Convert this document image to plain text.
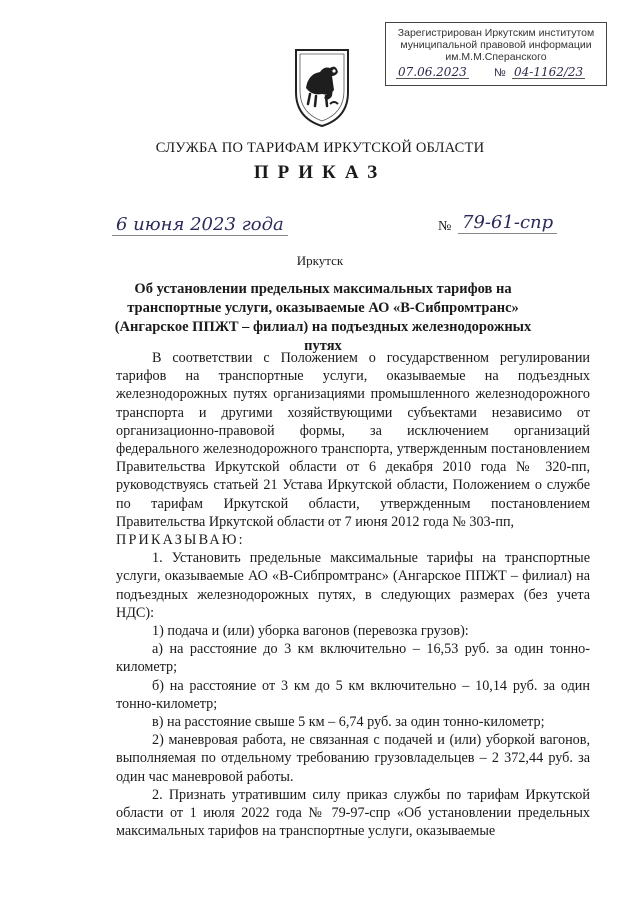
Зарегистрирован Иркутским институтом
муниципальной правовой информации
им.М.М.Сперанского
07.06.2023 № 04-1162/23
СЛУЖБА ПО ТАРИФАМ ИРКУТСКОЙ ОБЛАСТИ
ПРИКАЗ
6 июня 2023 года	№ 79-61-спр
Иркутск
Об установлении предельных максимальных тарифов на транспортные услуги, оказываемые АО «В-Сибпромтранс» (Ангарское ППЖТ – филиал) на подъездных железнодорожных путях

В соответствии с Положением о государственном регулировании тарифов на транспортные услуги, оказываемые на подъездных железнодорожных путях организациями промышленного железнодорожного транспорта и другими хозяйствующими субъектами независимо от организационно-правовой формы, за исключением организаций федерального железнодорожного транспорта, утвержденным постановлением Правительства Иркутской области от 6 декабря 2010 года № 320-пп, руководствуясь статьей 21 Устава Иркутской области, Положением о службе по тарифам Иркутской области, утвержденным постановлением Правительства Иркутской области от 7 июня 2012 года № 303-пп,

ПРИКАЗЫВАЮ:

1. Установить предельные максимальные тарифы на транспортные услуги, оказываемые АО «В-Сибпромтранс» (Ангарское ППЖТ – филиал) на подъездных железнодорожных путях, в следующих размерах (без учета НДС):

1) подача и (или) уборка вагонов (перевозка грузов):

а) на расстояние до 3 км включительно – 16,53 руб. за один тонно-километр;

б) на расстояние от 3 км до 5 км включительно – 10,14 руб. за один тонно-километр;

в) на расстояние свыше 5 км – 6,74 руб. за один тонно-километр;

2) маневровая работа, не связанная с подачей и (или) уборкой вагонов, выполняемая по отдельному требованию грузовладельцев – 2 372,44 руб. за один час маневровой работы.

2. Признать утратившим силу приказ службы по тарифам Иркутской области от 1 июля 2022 года № 79-97-спр «Об установлении предельных максимальных тарифов на транспортные услуги, оказываемые
